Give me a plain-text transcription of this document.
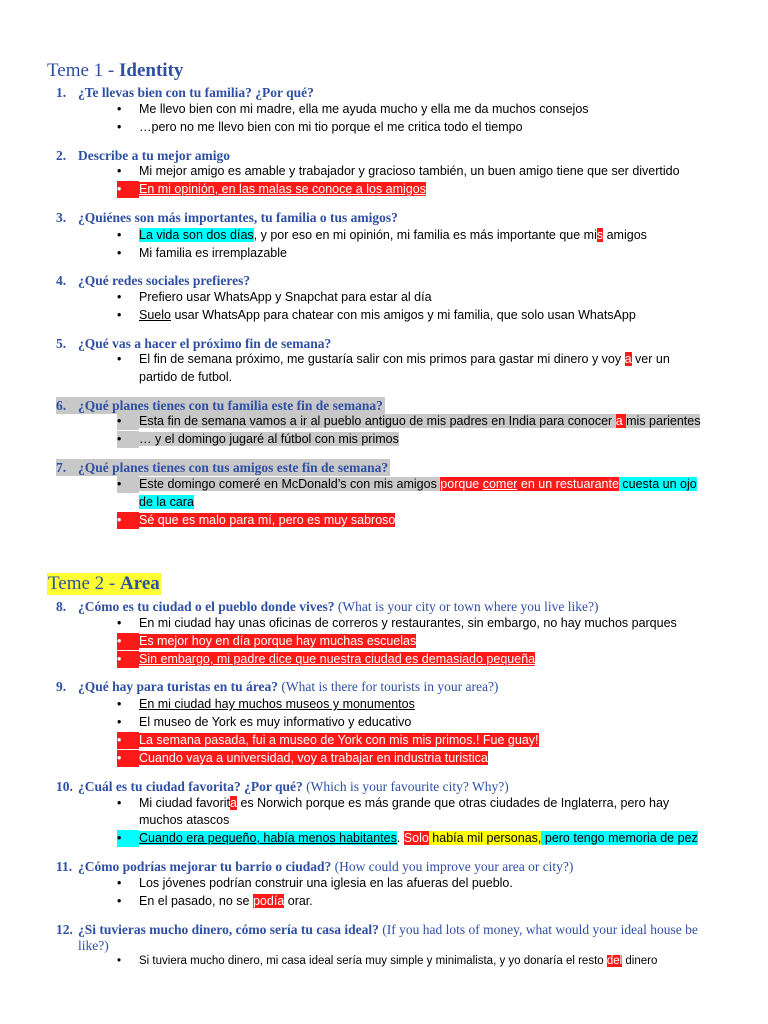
Teme 1 - Identity
1. ¿Te llevas bien con tu familia? ¿Por qué?
• Me llevo bien con mi madre, ella me ayuda mucho y ella me da muchos consejos
• …pero no me llevo bien con mi tio porque el me critica todo el tiempo
2. Describe a tu mejor amigo
• Mi mejor amigo es amable y trabajador y gracioso también, un buen amigo tiene que ser divertido
• En mi opinión, en las malas se conoce a los amigos
3. ¿Quiénes son más importantes, tu familia o tus amigos?
• La vida son dos días, y por eso en mi opinión, mi familia es más importante que mis amigos
• Mi familia es irremplazable
4. ¿Qué redes sociales prefieres?
• Prefiero usar WhatsApp y Snapchat para estar al día
• Suelo usar WhatsApp para chatear con mis amigos y mi familia, que solo usan WhatsApp
5. ¿Qué vas a hacer el próximo fin de semana?
• El fin de semana próximo, me gustaría salir con mis primos para gastar mi dinero y voy a ver un
partido de futbol.
6. ¿Qué planes tienes con tu familia este fin de semana?
• Esta fin de semana vamos a ir al pueblo antiguo de mis padres en India para conocer a mis parientes
• … y el domingo jugaré al fútbol con mis primos
7. ¿Qué planes tienes con tus amigos este fin de semana?
• Este domingo comeré en McDonald’s con mis amigos porque comer en un restuarante cuesta un ojo
de la cara
• Sé que es malo para mí, pero es muy sabroso
Teme 2 - Area
8. ¿Cómo es tu ciudad o el pueblo donde vives? (What is your city or town where you live like?)
• En mi ciudad hay unas oficinas de correros y restaurantes, sin embargo, no hay muchos parques
• Es mejor hoy en día porque hay muchas escuelas
• Sin embargo, mi padre dice que nuestra ciudad es demasiado pequeña
9. ¿Qué hay para turistas en tu área? (What is there for tourists in your area?)
• En mi ciudad hay muchos museos y monumentos
• El museo de York es muy informativo y educativo
• La semana pasada, fui a museo de York con mis mis primos.! Fue guay!
• Cuando vaya a universidad, voy a trabajar en industria turistica
10. ¿Cuál es tu ciudad favorita? ¿Por qué? (Which is your favourite city? Why?)
• Mi ciudad favorita es Norwich porque es más grande que otras ciudades de Inglaterra, pero hay
muchos atascos
• Cuando era pequeño, había menos habitantes. Solo había mil personas, pero tengo memoria de pez
11. ¿Cómo podrías mejorar tu barrio o ciudad? (How could you improve your area or city?)
• Los jóvenes podrían construir una iglesia en las afueras del pueblo.
• En el pasado, no se podía orar.
12. ¿Si tuvieras mucho dinero, cómo sería tu casa ideal? (If you had lots of money, what would your ideal house be
like?)
• Si tuviera mucho dinero, mi casa ideal sería muy simple y minimalista, y yo donaría el resto del dinero
